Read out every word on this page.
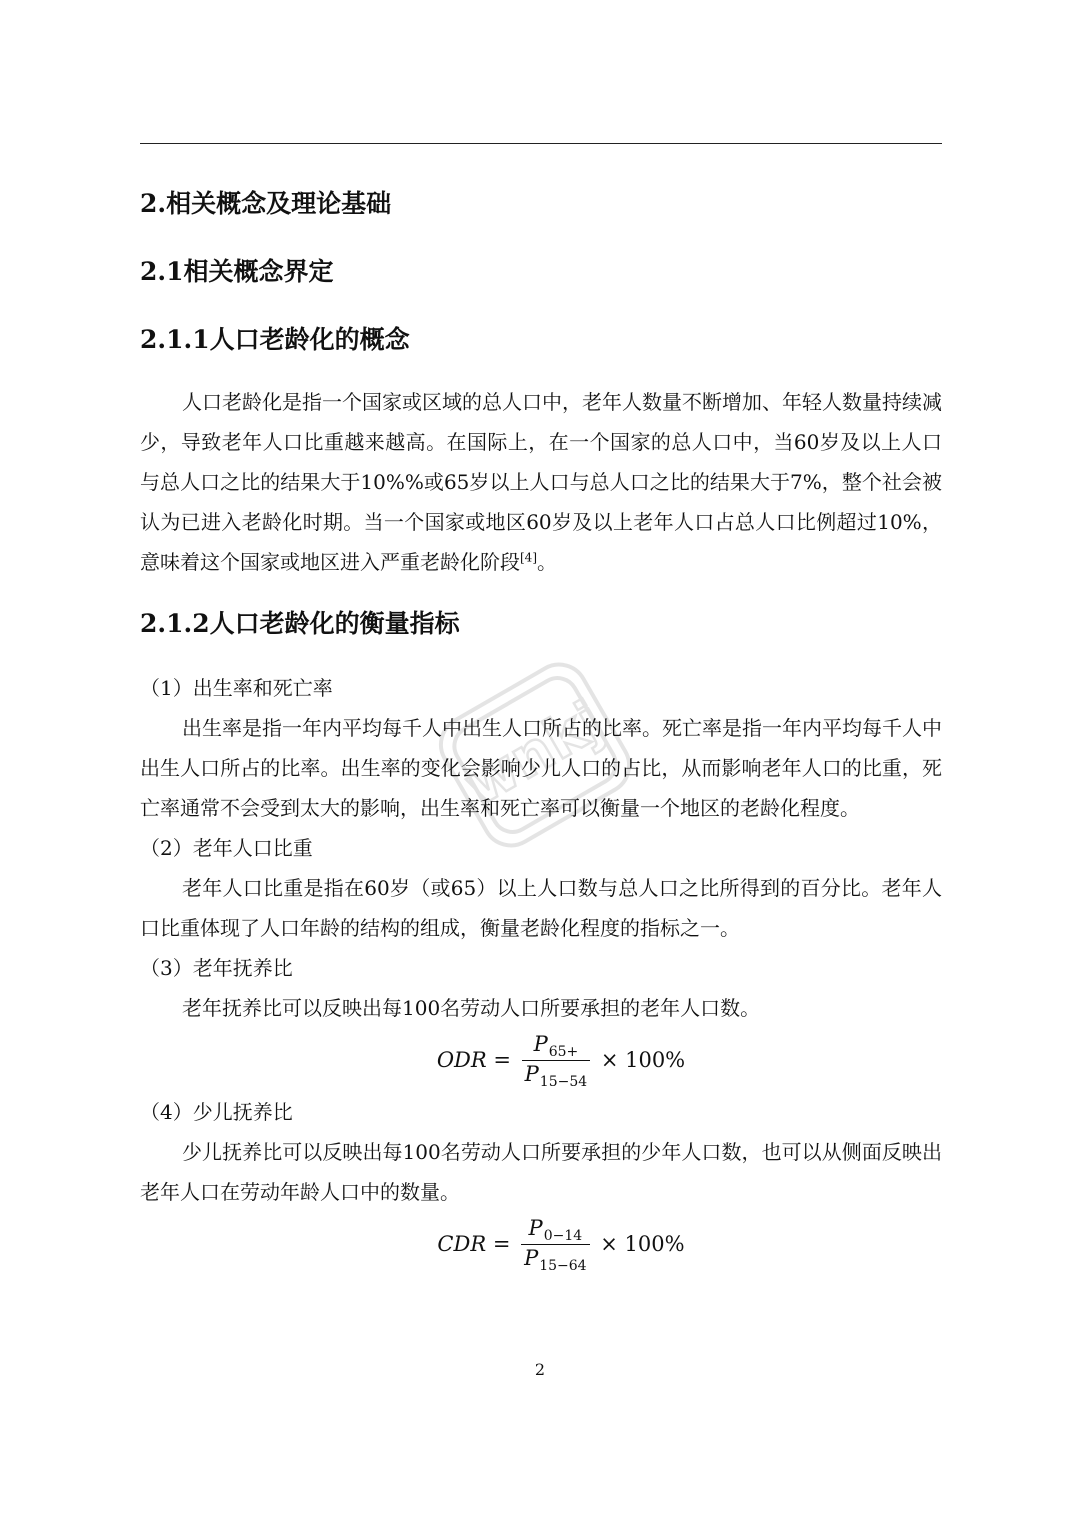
wnkj
2.相关概念及理论基础
2.1相关概念界定
2.1.1人口老龄化的概念

人口老龄化是指一个国家或区域的总人口中，老年人数量不断增加、年轻人数量持续减少，导致老年人口比重越来越高。在国际上，在一个国家的总人口中，当60岁及以上人口与总人口之比的结果大于10%%或65岁以上人口与总人口之比的结果大于7%，整个社会被认为已进入老龄化时期。当一个国家或地区60岁及以上老年人口占总人口比例超过10%，意味着这个国家或地区进入严重老龄化阶段[4]。

2.1.2人口老龄化的衡量指标
（1）出生率和死亡率

出生率是指一年内平均每千人中出生人口所占的比率。死亡率是指一年内平均每千人中出生人口所占的比率。出生率的变化会影响少儿人口的占比，从而影响老年人口的比重，死亡率通常不会受到太大的影响，出生率和死亡率可以衡量一个地区的老龄化程度。

（2）老年人口比重

老年人口比重是指在60岁（或65）以上人口数与总人口之比所得到的百分比。老年人口比重体现了人口年龄的结构的组成，衡量老龄化程度的指标之一。

（3）老年抚养比

老年抚养比可以反映出每100名劳动人口所要承担的老年人口数。

ODR = $\frac{P_{65+}}{P_{15-54}} \times 100\%$
（4）少儿抚养比

少儿抚养比可以反映出每100名劳动人口所要承担的少年人口数，也可以从侧面反映出老年人口在劳动年龄人口中的数量。

CDR = $\frac{P_{0-14}}{P_{15-64}} \times 100\%$
2
